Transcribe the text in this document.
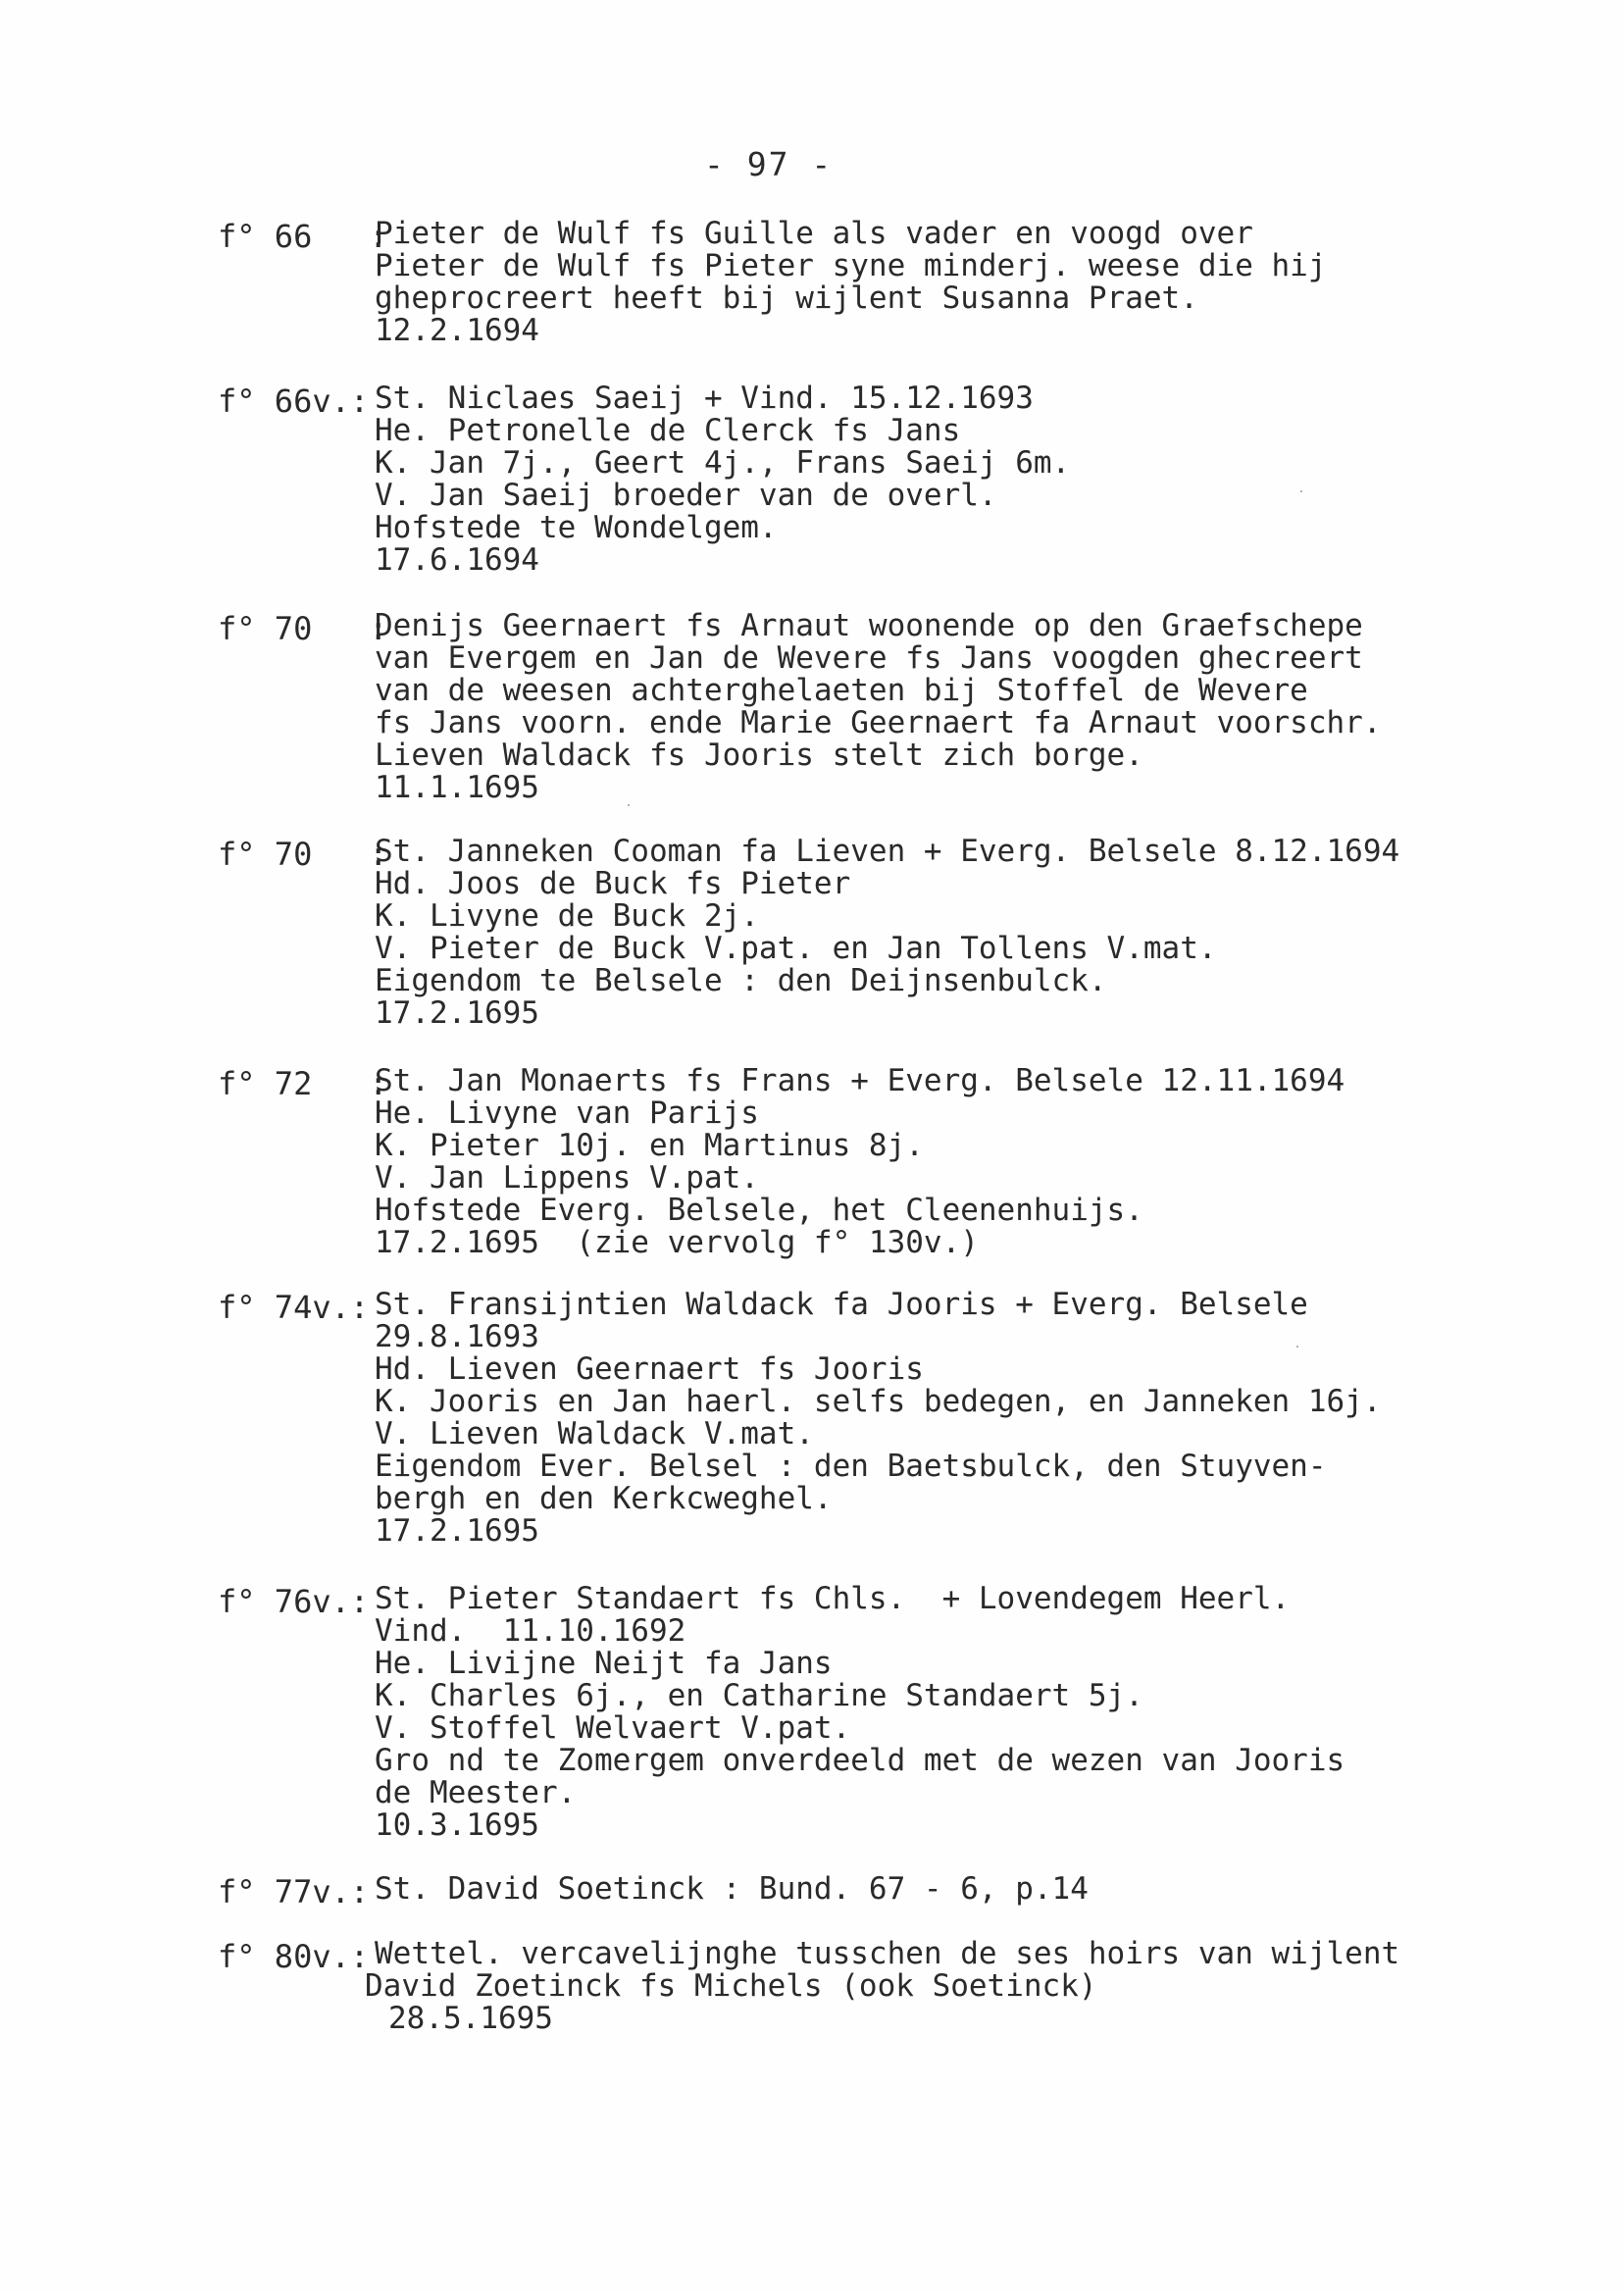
- 97 -
f° 66   :
Pieter de Wulf fs Guille als vader en voogd over
Pieter de Wulf fs Pieter syne minderj. weese die hij
gheprocreert heeft bij wijlent Susanna Praet.
12.2.1694
f° 66v.: St. Niclaes Saeij + Vind. 15.12.1693
He. Petronelle de Clerck fs Jans
K. Jan 7j., Geert 4j., Frans Saeij 6m.
V. Jan Saeij broeder van de overl.
Hofstede te Wondelgem.
17.6.1694
f° 70   :
Denijs Geernaert fs Arnaut woonende op den Graefschepe
van Evergem en Jan de Wevere fs Jans voogden ghecreert
van de weesen achterghelaeten bij Stoffel de Wevere
fs Jans voorn. ende Marie Geernaert fa Arnaut voorschr.
Lieven Waldack fs Jooris stelt zich borge.
11.1.1695
f° 70   :
St. Janneken Cooman fa Lieven + Everg. Belsele 8.12.1694
Hd. Joos de Buck fs Pieter
K. Livyne de Buck 2j.
V. Pieter de Buck V.pat. en Jan Tollens V.mat.
Eigendom te Belsele : den Deijnsenbulck.
17.2.1695
f° 72   :
St. Jan Monaerts fs Frans + Everg. Belsele 12.11.1694
He. Livyne van Parijs
K. Pieter 10j. en Martinus 8j.
V. Jan Lippens V.pat.
Hofstede Everg. Belsele, het Cleenenhuijs.
17.2.1695  (zie vervolg f° 130v.)
f° 74v.: St. Fransijntien Waldack fa Jooris + Everg. Belsele
29.8.1693
Hd. Lieven Geernaert fs Jooris
K. Jooris en Jan haerl. selfs bedegen, en Janneken 16j.
V. Lieven Waldack V.mat.
Eigendom Ever. Belsel : den Baetsbulck, den Stuyven-
bergh en den Kerkcweghel.
17.2.1695
f° 76v.: St. Pieter Standaert fs Chls.  + Lovendegem Heerl.
Vind.  11.10.1692
He. Livijne Neijt fa Jans
K. Charles 6j., en Catharine Standaert 5j.
V. Stoffel Welvaert V.pat.
Gro nd te Zomergem onverdeeld met de wezen van Jooris
de Meester.
10.3.1695
f° 77v.: St. David Soetinck : Bund. 67 - 6, p.14
f° 80v.: Wettel. vercavelijnghe tusschen de ses hoirs van wijlent
David Zoetinck fs Michels (ook Soetinck)
28.5.1695
